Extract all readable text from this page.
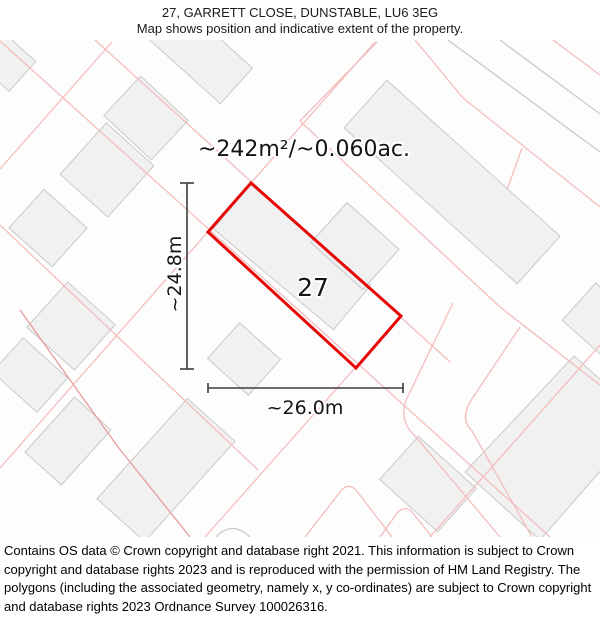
27, GARRETT CLOSE, DUNSTABLE, LU6 3EG
Map shows position and indicative extent of the property.
~24.8m
~26.0m
~242m²/~0.060ac.
27
Contains OS data © Crown copyright and database right 2021. This information is subject to Crown copyright and database rights 2023 and is reproduced with the permission of HM Land Registry. The polygons (including the associated geometry, namely x, y co-ordinates) are subject to Crown copyright and database rights 2023 Ordnance Survey 100026316.
